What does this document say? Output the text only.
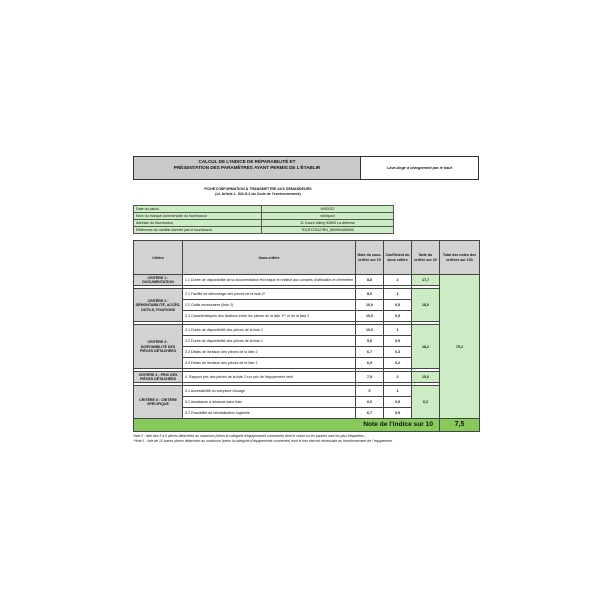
CALCUL DE L'INDICE DE RÉPARABILITÉ ET
PRÉSENTATION DES PARAMÈTRES AYANT PERMIS DE L'ÉTABLIR	Lave-linge à chargement par le haut
FICHE D'INFORMATION À TRANSMETTRE AUX DEMANDEURS
(cf. Article L. 541-9-2 du Code de l'environnement)
Date du calcul	9/9/2022
Nom ou marque commerciale du fournisseur	whirlpool
Adresse du fournisseur	11 Cours Valmy 92800 La defense
Référence du modèle donnée par le fournisseur	TDLR7220LFRN_859991655390
Critère	Sous-critère	Note du sous-critère sur 10	Coefficient du sous critère	Note du critère sur 20	Total des notes des critères sur 100
CRITÈRE 1 : DOCUMENTATION	1.1 Durée de disponibilité de la documentation technique et relative aux conseils d'utilisation et d'entretien	8,8	2	17,7	75,2

CRITÈRE 2 : DÉMONTABILITÉ, ACCÈS, OUTILS, FIXATIONS	2.1 Facilité de démontage des pièces de la liste 2*	8,0	1	18,0	
	2.2 Outils nécessaires (liste 2)	10,0	0,5		
	2.3 Caractéristiques des fixations entre les pièces de la liste 1** et de la liste 2	10,0	0,5		

CRITÈRE 3 : DISPONIBILITÉ DES PIÈCES DÉTACHÉES	3.1 Durée de disponibilité des pièces de la liste 2	10,0	1	18,2	
	3.2 Durée de disponibilité des pièces de la liste 1	9,8	0,5		
	3.3 Délais de livraison des pièces de la liste 2	6,7	0,3		
	3.4 Délais de livraison des pièces de la liste 1	6,5	0,2		

CRITÈRE 4 : PRIX DES PIÈCES DÉTACHÉES	4. Rapport prix des pièces de la liste 2 sur prix de l'équipement neuf	7,5	2	15,0	

CRITÈRE 5 : CRITÈRE SPÉCIFIQUE	5.1 Accessibilité du compteur d'usage	0	1	6,3	
	5.2 Assistance à distance sans frais	6,0	0,5		
	5.3 Possibilité de réinitialisation logicielle	6,7	0,5		
Note de l'indice sur 10					7,5
*liste 2 : liste des 3 à 5 pièces détachées au maximum (selon la catégorie d'équipements concernée) dont le casse ou les pannes sont les plus fréquentes ;
**liste 1 : liste de 10 autres pièces détachées au maximum (selon la catégorie d'équipements concernée) dont le bon état est nécessaire au fonctionnement de l' équipement.
